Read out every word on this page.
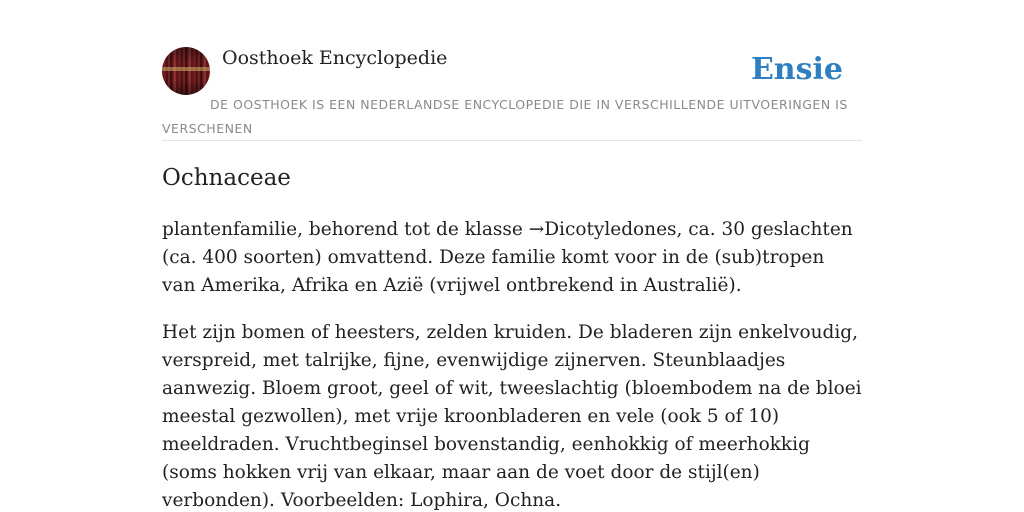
Oosthoek Encyclopedie	Ensie
DE OOSTHOEK IS EEN NEDERLANDSE ENCYCLOPEDIE DIE IN VERSCHILLENDE UITVOERINGEN IS VERSCHENEN
Ochnaceae

plantenfamilie, behorend tot de klasse →Dicotyledones, ca. 30 geslachten (ca. 400 soorten) omvattend. Deze familie komt voor in de (sub)tropen van Amerika, Afrika en Azië (vrijwel ontbrekend in Australië).

Het zijn bomen of heesters, zelden kruiden. De bladeren zijn enkelvoudig, verspreid, met talrijke, fijne, evenwijdige zijnerven. Steunblaadjes aanwezig. Bloem groot, geel of wit, tweeslachtig (bloembodem na de bloei meestal gezwollen), met vrije kroonbladeren en vele (ook 5 of 10) meeldraden. Vruchtbeginsel bovenstandig, eenhokkig of meerhokkig (soms hokken vrij van elkaar, maar aan de voet door de stijl(en) verbonden). Voorbeelden: Lophira, Ochna.
